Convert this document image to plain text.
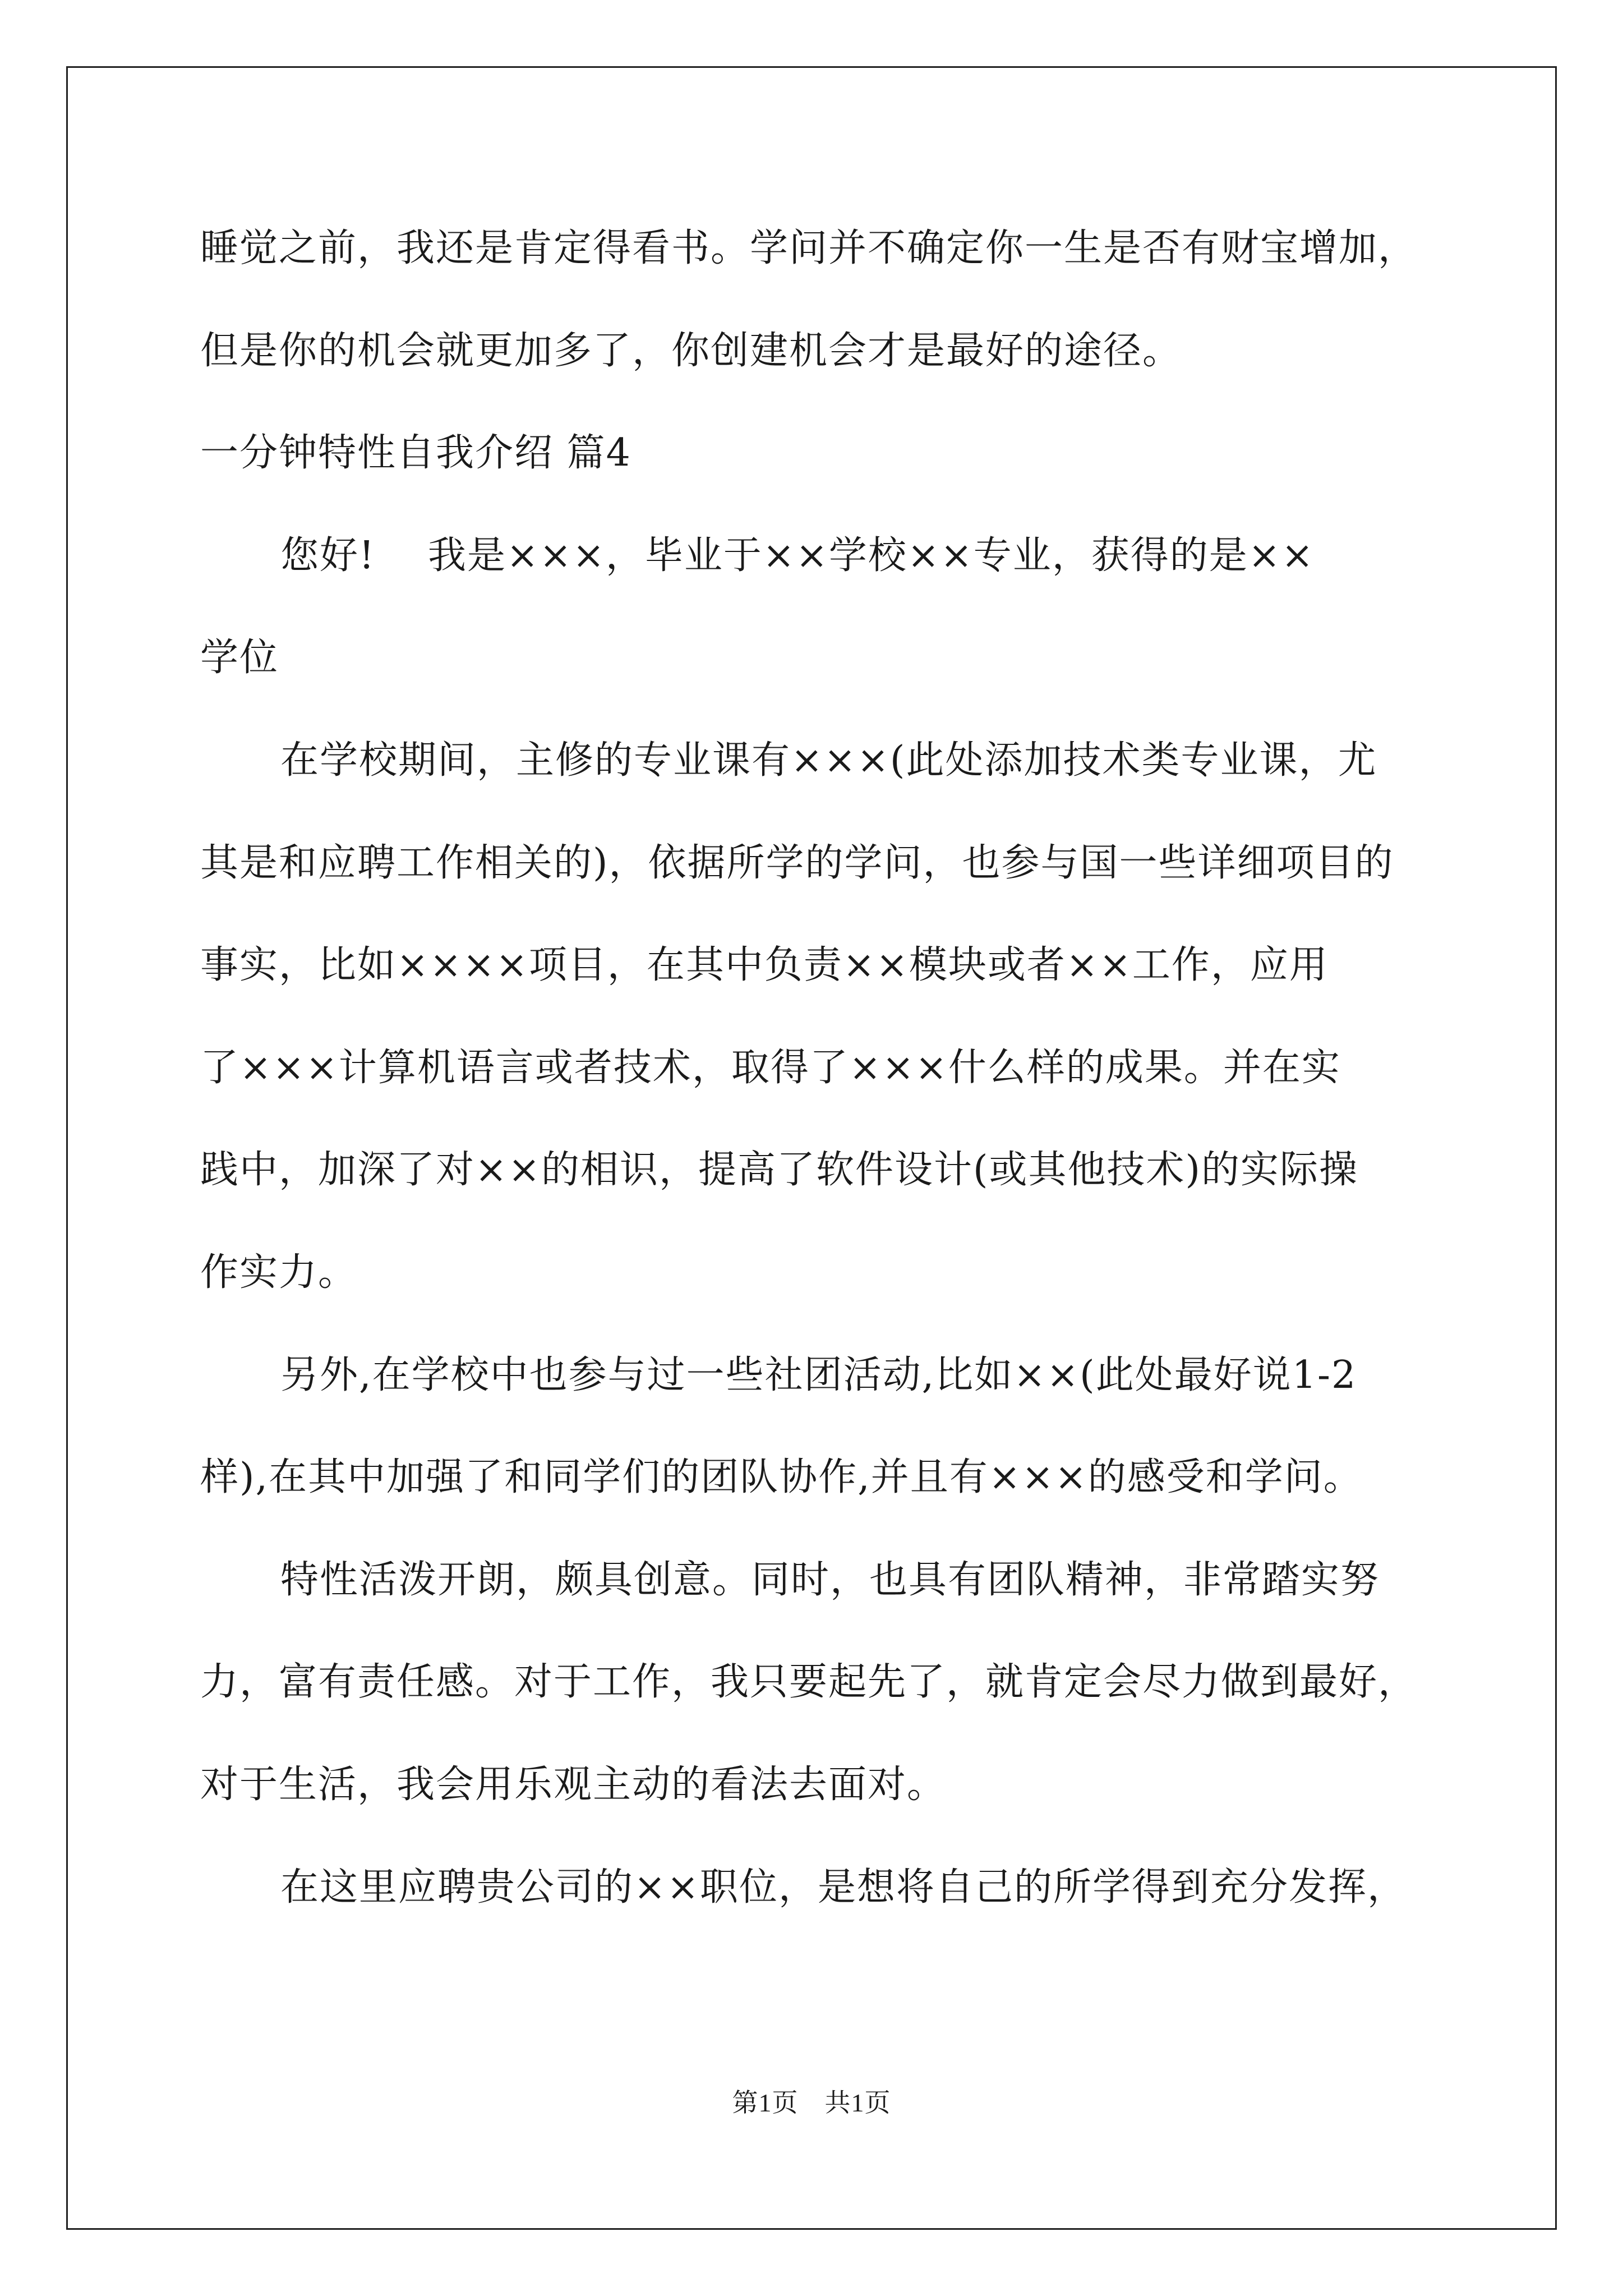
睡觉之前，我还是肯定得看书。学问并不确定你一生是否有财宝增加，
但是你的机会就更加多了，你创建机会才是最好的途径。
一分钟特性自我介绍 篇4
您好!　 我是×××，毕业于××学校××专业，获得的是××
学位
在学校期间，主修的专业课有×××(此处添加技术类专业课，尤
其是和应聘工作相关的)，依据所学的学问，也参与国一些详细项目的
事实，比如××××项目，在其中负责××模块或者××工作，应用
了×××计算机语言或者技术，取得了×××什么样的成果。并在实
践中，加深了对××的相识，提高了软件设计(或其他技术)的实际操
作实力。
另外,在学校中也参与过一些社团活动,比如××(此处最好说1-2
样),在其中加强了和同学们的团队协作,并且有×××的感受和学问。
特性活泼开朗，颇具创意。同时，也具有团队精神，非常踏实努
力，富有责任感。对于工作，我只要起先了，就肯定会尽力做到最好，
对于生活，我会用乐观主动的看法去面对。
在这里应聘贵公司的××职位，是想将自己的所学得到充分发挥，
第1页　共1页
